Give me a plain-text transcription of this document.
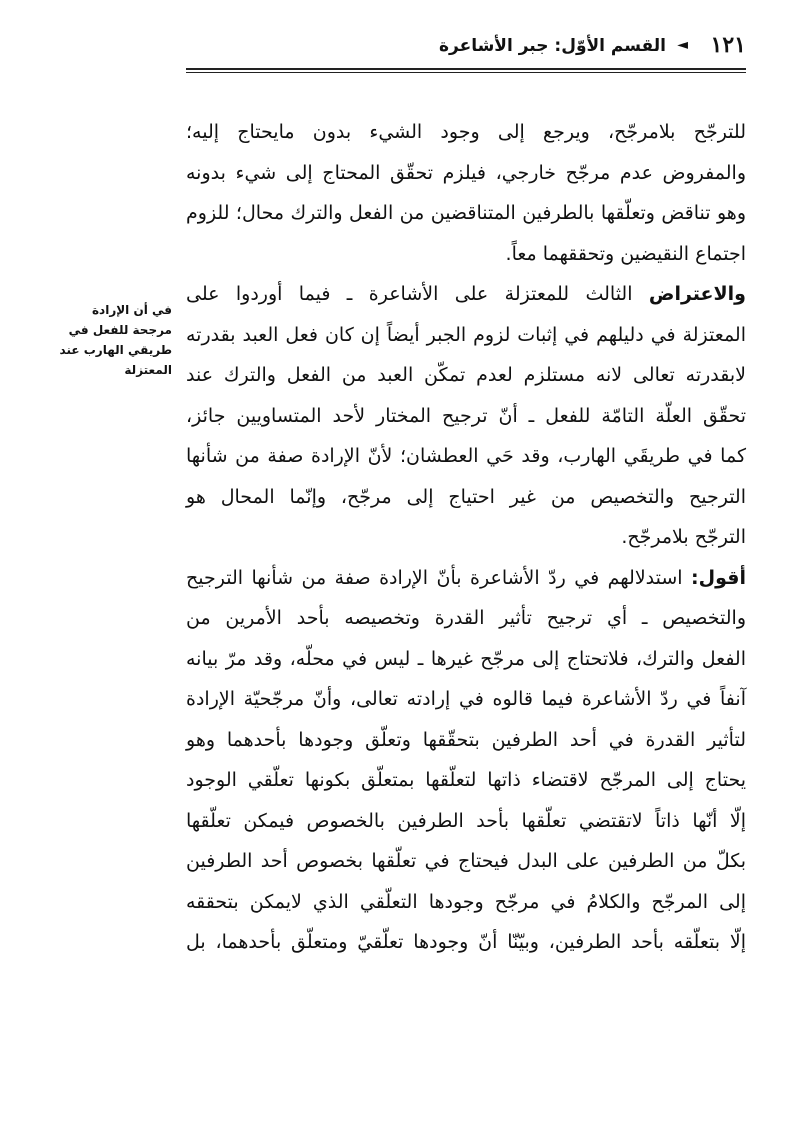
١٢١
◄
القسم الأوّل: جبر الأشاعرة
للترجّح بلامرجّح، ويرجع إلى وجود الشيء بدون مايحتاج إليه؛
والمفروض عدم مرجّح خارجي، فيلزم تحقّق المحتاج إلى شيء بدونه
وهو تناقض وتعلّقها بالطرفين المتناقضين من الفعل والترك محال؛ للزوم
اجتماع النقيضين وتحققهما معاً.
والاعتراض الثالث للمعتزلة على الأشاعرة ـ فيما أوردوا على
المعتزلة في دليلهم في إثبات لزوم الجبر أيضاً إن كان فعل العبد بقدرته
لابقدرته تعالى لانه مستلزم لعدم تمكّن العبد من الفعل والترك عند
تحقّق العلّة التامّة للفعل ـ أنّ ترجيح المختار لأحد المتساويين جائز،
كما في طريقَي الهارب، وقد حَي العطشان؛ لأنّ الإرادة صفة من شأنها
الترجيح والتخصيص من غير احتياج إلى مرجّح، وإنّما المحال هو
الترجّح بلامرجّح.
أقول: استدلالهم في ردّ الأشاعرة بأنّ الإرادة صفة من شأنها الترجيح
والتخصيص ـ أي ترجيح تأثير القدرة وتخصيصه بأحد الأمرين من
الفعل والترك، فلاتحتاج إلى مرجّح غيرها ـ ليس في محلّه، وقد مرّ بيانه
آنفاً في ردّ الأشاعرة فيما قالوه في إرادته تعالى، وأنّ مرجّحيّة الإرادة
لتأثير القدرة في أحد الطرفين بتحقّقها وتعلّق وجودها بأحدهما وهو
يحتاج إلى المرجّح لاقتضاء ذاتها لتعلّقها بمتعلّق بكونها تعلّقي الوجود
إلّا أنّها ذاتاً لاتقتضي تعلّقها بأحد الطرفين بالخصوص فيمكن تعلّقها
بكلّ من الطرفين على البدل فيحتاج في تعلّقها بخصوص أحد الطرفين
إلى المرجّح والكلامُ في مرجّح وجودها التعلّقي الذي لايمكن بتحققه
إلّا بتعلّقه بأحد الطرفين، وبيّنّا أنّ وجودها تعلّقيّ ومتعلّق بأحدهما، بل
في أن الإرادة
مرجحة للفعل في
طريقي الهارب عند
المعتزلة
